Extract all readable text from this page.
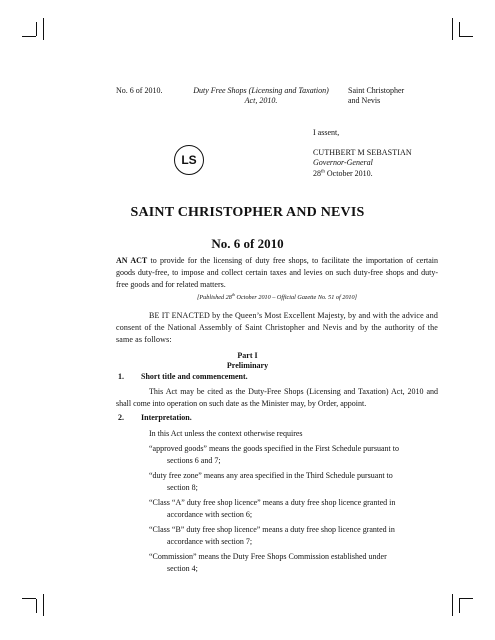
No. 6 of 2010.	Duty Free Shops (Licensing and Taxation)
Act, 2010.
Saint Christopher
and Nevis
LS
I assent,
CUTHBERT M SEBASTIAN
Governor-General
28th October 2010.
SAINT CHRISTOPHER AND NEVIS
No. 6 of 2010
AN ACT to provide for the licensing of duty free shops, to facilitate the importation of certain goods duty-free, to impose and collect certain taxes and levies on such duty-free shops and duty-free goods and for related matters.
[Published 28th October 2010 – Official Gazette No. 51 of 2010]
BE IT ENACTED by the Queen’s Most Excellent Majesty, by and with the advice and consent of the National Assembly of Saint Christopher and Nevis and by the authority of the same as follows:
Part I
Preliminary
1. Short title and commencement.
This Act may be cited as the Duty-Free Shops (Licensing and Taxation) Act, 2010 and shall come into operation on such date as the Minister may, by Order, appoint.
2. Interpretation.
In this Act unless the context otherwise requires
“approved goods” means the goods specified in the First Schedule pursuant to
sections 6 and 7;
“duty free zone” means any area specified in the Third Schedule pursuant to
section 8;
“Class “A” duty free shop licence” means a duty free shop licence granted in
accordance with section 6;
“Class “B” duty free shop licence” means a duty free shop licence granted in
accordance with section 7;
“Commission” means the Duty Free Shops Commission established under
section 4;
